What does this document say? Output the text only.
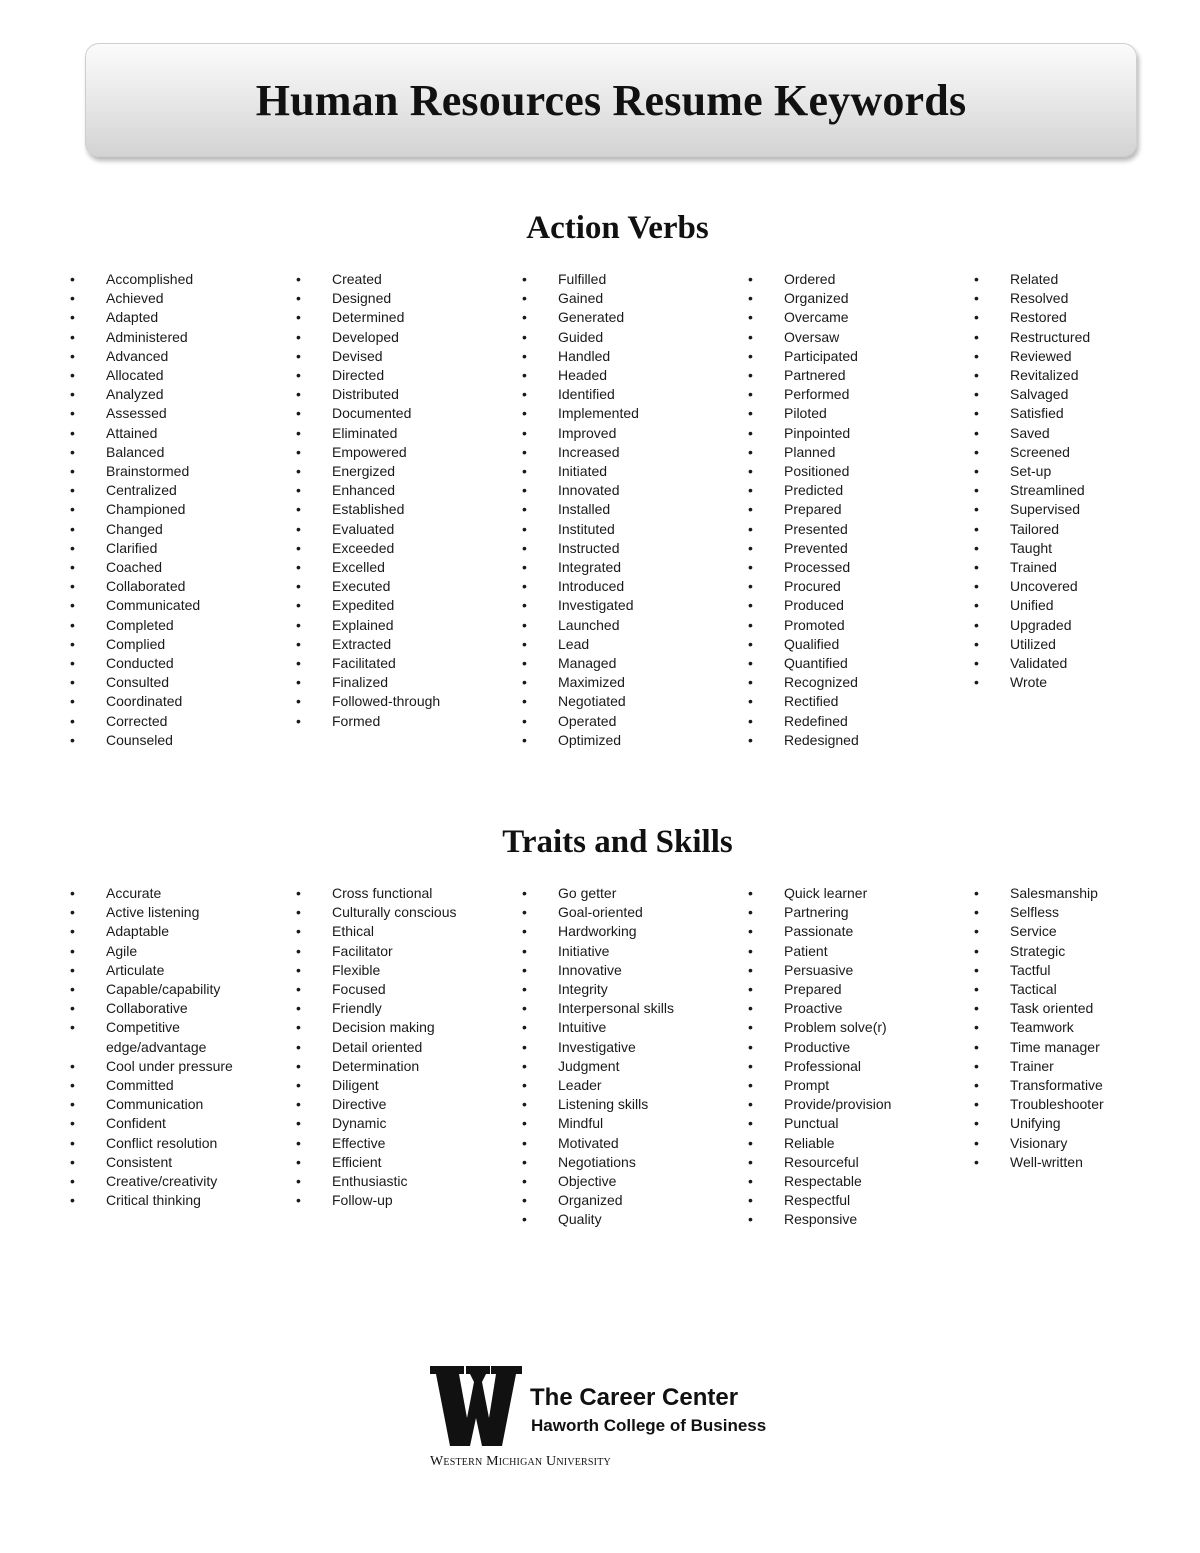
Human Resources Resume Keywords
Action Verbs
• Accomplished
• Achieved
• Adapted
• Administered
• Advanced
• Allocated
• Analyzed
• Assessed
• Attained
• Balanced
• Brainstormed
• Centralized
• Championed
• Changed
• Clarified
• Coached
• Collaborated
• Communicated
• Completed
• Complied
• Conducted
• Consulted
• Coordinated
• Corrected
• Counseled
• Created
• Designed
• Determined
• Developed
• Devised
• Directed
• Distributed
• Documented
• Eliminated
• Empowered
• Energized
• Enhanced
• Established
• Evaluated
• Exceeded
• Excelled
• Executed
• Expedited
• Explained
• Extracted
• Facilitated
• Finalized
• Followed-through
• Formed
• Fulfilled
• Gained
• Generated
• Guided
• Handled
• Headed
• Identified
• Implemented
• Improved
• Increased
• Initiated
• Innovated
• Installed
• Instituted
• Instructed
• Integrated
• Introduced
• Investigated
• Launched
• Lead
• Managed
• Maximized
• Negotiated
• Operated
• Optimized
• Ordered
• Organized
• Overcame
• Oversaw
• Participated
• Partnered
• Performed
• Piloted
• Pinpointed
• Planned
• Positioned
• Predicted
• Prepared
• Presented
• Prevented
• Processed
• Procured
• Produced
• Promoted
• Qualified
• Quantified
• Recognized
• Rectified
• Redefined
• Redesigned
• Related
• Resolved
• Restored
• Restructured
• Reviewed
• Revitalized
• Salvaged
• Satisfied
• Saved
• Screened
• Set-up
• Streamlined
• Supervised
• Tailored
• Taught
• Trained
• Uncovered
• Unified
• Upgraded
• Utilized
• Validated
• Wrote
Traits and Skills
• Accurate
• Active listening
• Adaptable
• Agile
• Articulate
• Capable/capability
• Collaborative
• Competitive edge/advantage
• Cool under pressure
• Committed
• Communication
• Confident
• Conflict resolution
• Consistent
• Creative/creativity
• Critical thinking
• Cross functional
• Culturally conscious
• Ethical
• Facilitator
• Flexible
• Focused
• Friendly
• Decision making
• Detail oriented
• Determination
• Diligent
• Directive
• Dynamic
• Effective
• Efficient
• Enthusiastic
• Follow-up
• Go getter
• Goal-oriented
• Hardworking
• Initiative
• Innovative
• Integrity
• Interpersonal skills
• Intuitive
• Investigative
• Judgment
• Leader
• Listening skills
• Mindful
• Motivated
• Negotiations
• Objective
• Organized
• Quality
• Quick learner
• Partnering
• Passionate
• Patient
• Persuasive
• Prepared
• Proactive
• Problem solve(r)
• Productive
• Professional
• Prompt
• Provide/provision
• Punctual
• Reliable
• Resourceful
• Respectable
• Respectful
• Responsive
• Salesmanship
• Selfless
• Service
• Strategic
• Tactful
• Tactical
• Task oriented
• Teamwork
• Time manager
• Trainer
• Transformative
• Troubleshooter
• Unifying
• Visionary
• Well-written
The Career Center
Haworth College of Business
Western Michigan University
